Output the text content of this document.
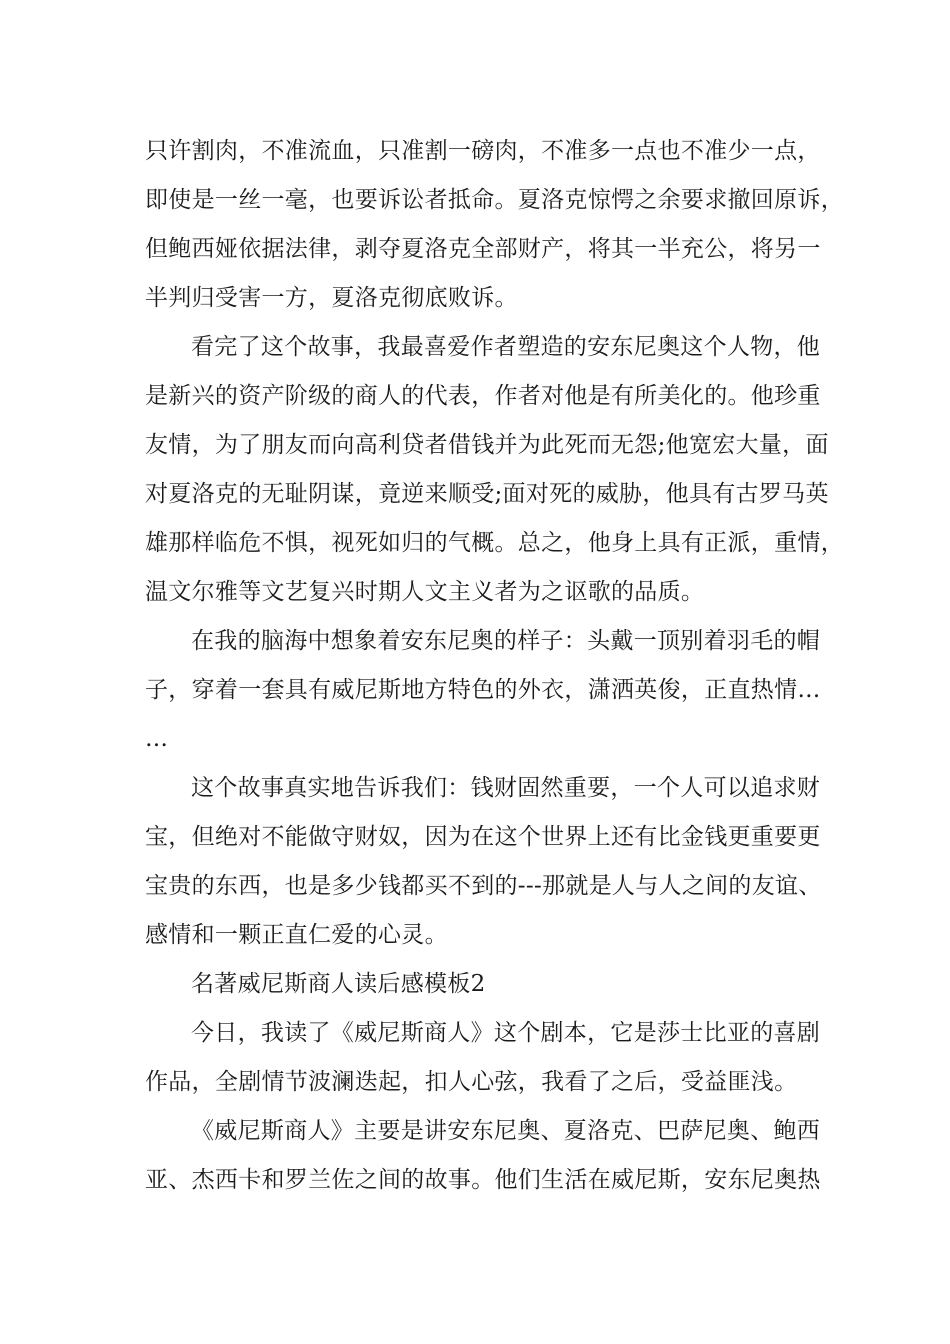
只许割肉，不准流血，只准割一磅肉，不准多一点也不准少一点，
即使是一丝一毫，也要诉讼者抵命。夏洛克惊愕之余要求撤回原诉，
但鲍西娅依据法律，剥夺夏洛克全部财产，将其一半充公，将另一
半判归受害一方，夏洛克彻底败诉。
看完了这个故事，我最喜爱作者塑造的安东尼奥这个人物，他
是新兴的资产阶级的商人的代表，作者对他是有所美化的。他珍重
友情，为了朋友而向高利贷者借钱并为此死而无怨;他宽宏大量，面
对夏洛克的无耻阴谋，竟逆来顺受;面对死的威胁，他具有古罗马英
雄那样临危不惧，视死如归的气概。总之，他身上具有正派，重情，
温文尔雅等文艺复兴时期人文主义者为之讴歌的品质。
在我的脑海中想象着安东尼奥的样子：头戴一顶别着羽毛的帽
子，穿着一套具有威尼斯地方特色的外衣，潇洒英俊，正直热情…
…
这个故事真实地告诉我们：钱财固然重要，一个人可以追求财
宝，但绝对不能做守财奴，因为在这个世界上还有比金钱更重要更
宝贵的东西，也是多少钱都买不到的---那就是人与人之间的友谊、
感情和一颗正直仁爱的心灵。
名著威尼斯商人读后感模板2
今日，我读了《威尼斯商人》这个剧本，它是莎士比亚的喜剧
作品，全剧情节波澜迭起，扣人心弦，我看了之后，受益匪浅。
《威尼斯商人》主要是讲安东尼奥、夏洛克、巴萨尼奥、鲍西
亚、杰西卡和罗兰佐之间的故事。他们生活在威尼斯，安东尼奥热
